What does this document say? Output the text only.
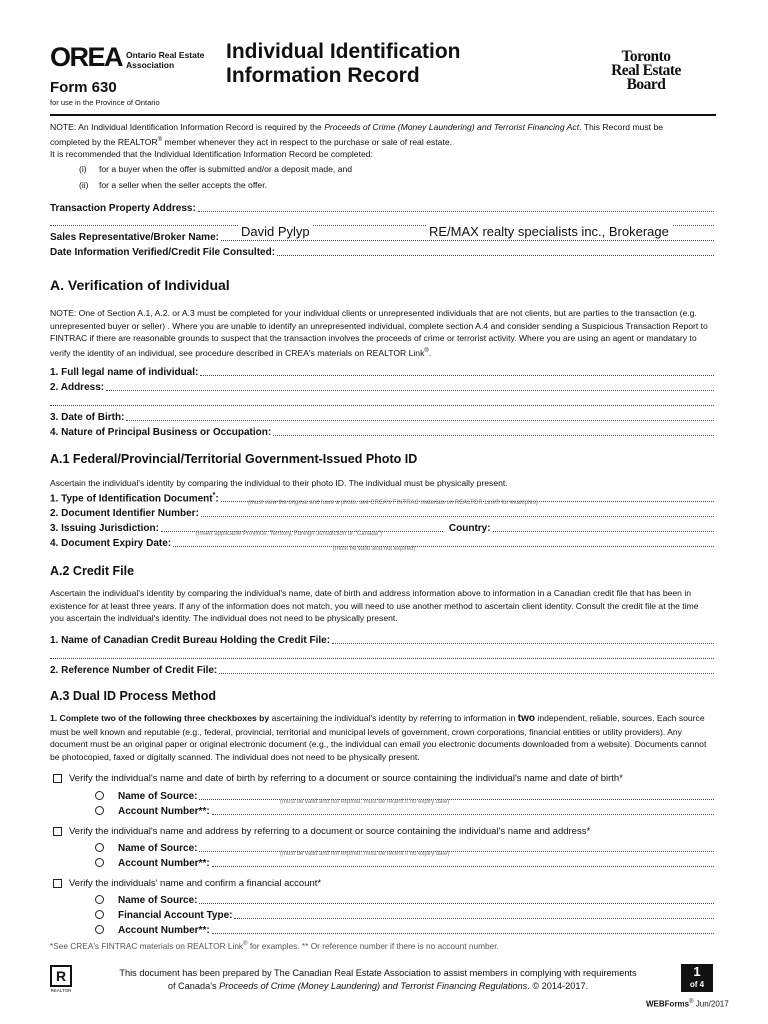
OREA Ontario Real Estate
Association
Form 630
for use in the Province of Ontario
Individual Identification
Information Record
Toronto
Real Estate
Board
NOTE: An Individual Identification Information Record is required by the Proceeds of Crime (Money Laundering) and Terrorist Financing Act. This Record must be
completed by the REALTOR® member whenever they act in respect to the purchase or sale of real estate.
It is recommended that the Individual Identification Information Record be completed:
(i) for a buyer when the offer is submitted and/or a deposit made, and
(ii) for a seller when the seller accepts the offer.
Transaction Property Address:
Sales Representative/Broker Name: David Pylyp	RE/MAX realty specialists inc., Brokerage
Date Information Verified/Credit File Consulted:
A. Verification of Individual
NOTE: One of Section A.1, A.2. or A.3 must be completed for your individual clients or unrepresented individuals that are not clients, but are parties to the transaction (e.g. unrepresented buyer or seller) . Where you are unable to identify an unrepresented individual, complete section A.4 and consider sending a Suspicious Transaction Report to FINTRAC if there are reasonable grounds to suspect that the transaction involves the proceeds of crime or terrorist activity. Where you are using an agent or mandatary to verify the identity of an individual, see procedure described in CREA's materials on REALTOR Link®.
1. Full legal name of individual:
2. Address:
3. Date of Birth:
4. Nature of Principal Business or Occupation:
A.1 Federal/Provincial/Territorial Government-Issued Photo ID
Ascertain the individual's identity by comparing the individual to their photo ID. The individual must be physically present.
1. Type of Identification Document*:	(must view the original and have a photo. see CREA's FINTRAC materials on REALTOR Link® for examples)
2. Document Identifier Number:
3. Issuing Jurisdiction:	Country:
(insert applicable Province, Territory, Foreign Jurisdiction or "Canada")
4. Document Expiry Date:	(must be valid and not expired)
A.2 Credit File
Ascertain the individual's identity by comparing the individual's name, date of birth and address information above to information in a Canadian credit file that has been in existence for at least three years. If any of the information does not match, you will need to use another method to ascertain client identity. Consult the credit file at the time you ascertain the individual's identity. The individual does not need to be physically present.
1. Name of Canadian Credit Bureau Holding the Credit File:
2. Reference Number of Credit File:
A.3 Dual ID Process Method
1. Complete two of the following three checkboxes by ascertaining the individual's identity by referring to information in two independent, reliable, sources. Each source must be well known and reputable (e.g., federal, provincial, territorial and municipal levels of government, crown corporations, financial entities or utility providers). Any document must be an original paper or original electronic document (e.g., the individual can email you electronic documents downloaded from a website). Documents cannot be photocopied, faxed or digitally scanned. The individual does not need to be physically present.
Verify the individual's name and date of birth by referring to a document or source containing the individual's name and date of birth*
Name of Source:	(must be valid and not expired; must be recent if no expiry date)
Account Number**:
Verify the individual's name and address by referring to a document or source containing the individual's name and address*
Name of Source:	(must be valid and not expired; must be recent if no expiry date)
Account Number**:
Verify the individuals' name and confirm a financial account*
Name of Source:
Financial Account Type:
Account Number**:
*See CREA's FINTRAC materials on REALTOR Link® for examples. ** Or reference number if there is no account number.
R
REALTOR
This document has been prepared by The Canadian Real Estate Association to assist members in complying with requirements
of Canada's Proceeds of Crime (Money Laundering) and Terrorist Financing Regulations. © 2014-2017.
1
of 4
WEBForms® Jun/2017
